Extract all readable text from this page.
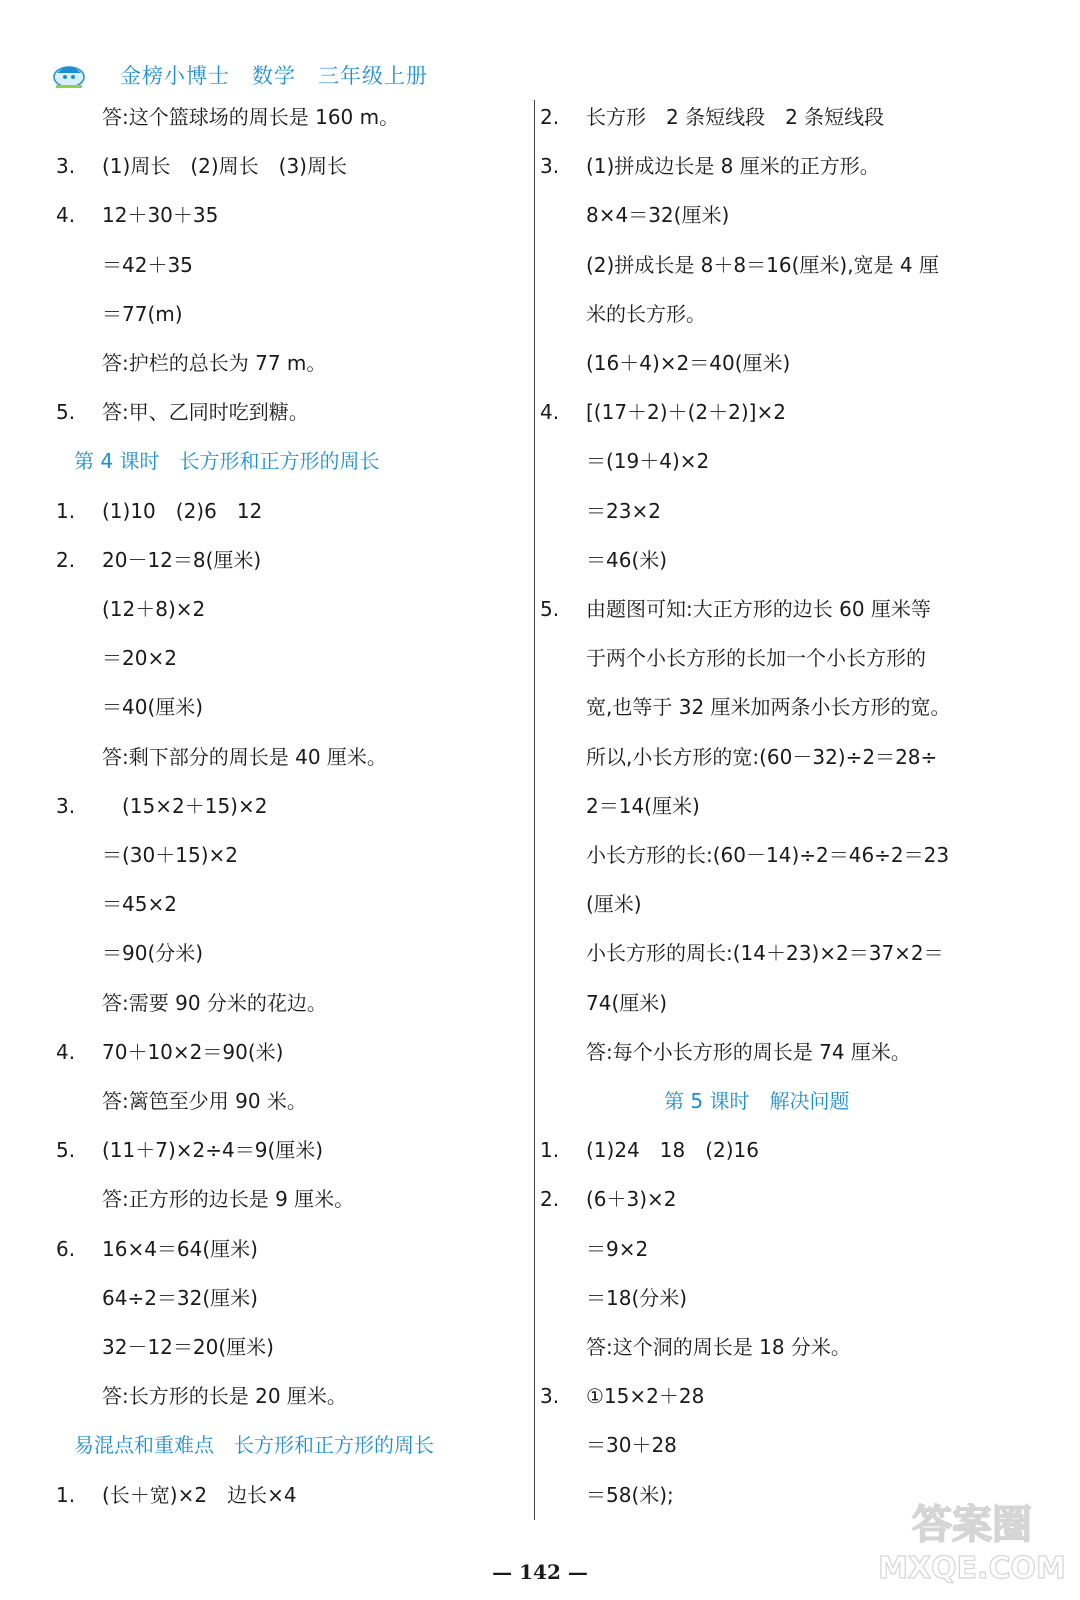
金榜小博士 数学 三年级上册
答:这个篮球场的周长是 160 m。
3. (1)周长　(2)周长　(3)周长
4. 12＋30＋35
＝42＋35
＝77(m)
答:护栏的总长为 77 m。
5. 答:甲、乙同时吃到糖。
第 4 课时　长方形和正方形的周长
1. (1)10　(2)6　12
2. 20－12＝8(厘米)
(12＋8)×2
＝20×2
＝40(厘米)
答:剩下部分的周长是 40 厘米。
3. 　(15×2＋15)×2
＝(30＋15)×2
＝45×2
＝90(分米)
答:需要 90 分米的花边。
4. 70＋10×2＝90(米)
答:篱笆至少用 90 米。
5. (11＋7)×2÷4＝9(厘米)
答:正方形的边长是 9 厘米。
6. 16×4＝64(厘米)
64÷2＝32(厘米)
32－12＝20(厘米)
答:长方形的长是 20 厘米。
易混点和重难点　长方形和正方形的周长
1. (长＋宽)×2　边长×4
2. 长方形　2 条短线段　2 条短线段
3. (1)拼成边长是 8 厘米的正方形。
8×4＝32(厘米)
(2)拼成长是 8＋8＝16(厘米),宽是 4 厘
米的长方形。
(16＋4)×2＝40(厘米)
4. [(17＋2)＋(2＋2)]×2
＝(19＋4)×2
＝23×2
＝46(米)
5. 由题图可知:大正方形的边长 60 厘米等
于两个小长方形的长加一个小长方形的
宽,也等于 32 厘米加两条小长方形的宽。
所以,小长方形的宽:(60－32)÷2＝28÷
2＝14(厘米)
小长方形的长:(60－14)÷2＝46÷2＝23
(厘米)
小长方形的周长:(14＋23)×2＝37×2＝
74(厘米)
答:每个小长方形的周长是 74 厘米。
第 5 课时　解决问题
1. (1)24　18　(2)16
2. (6＋3)×2
＝9×2
＝18(分米)
答:这个洞的周长是 18 分米。
3. ①15×2＋28
＝30＋28
＝58(米);
— 142 —
答案圈
MXQE.COM
